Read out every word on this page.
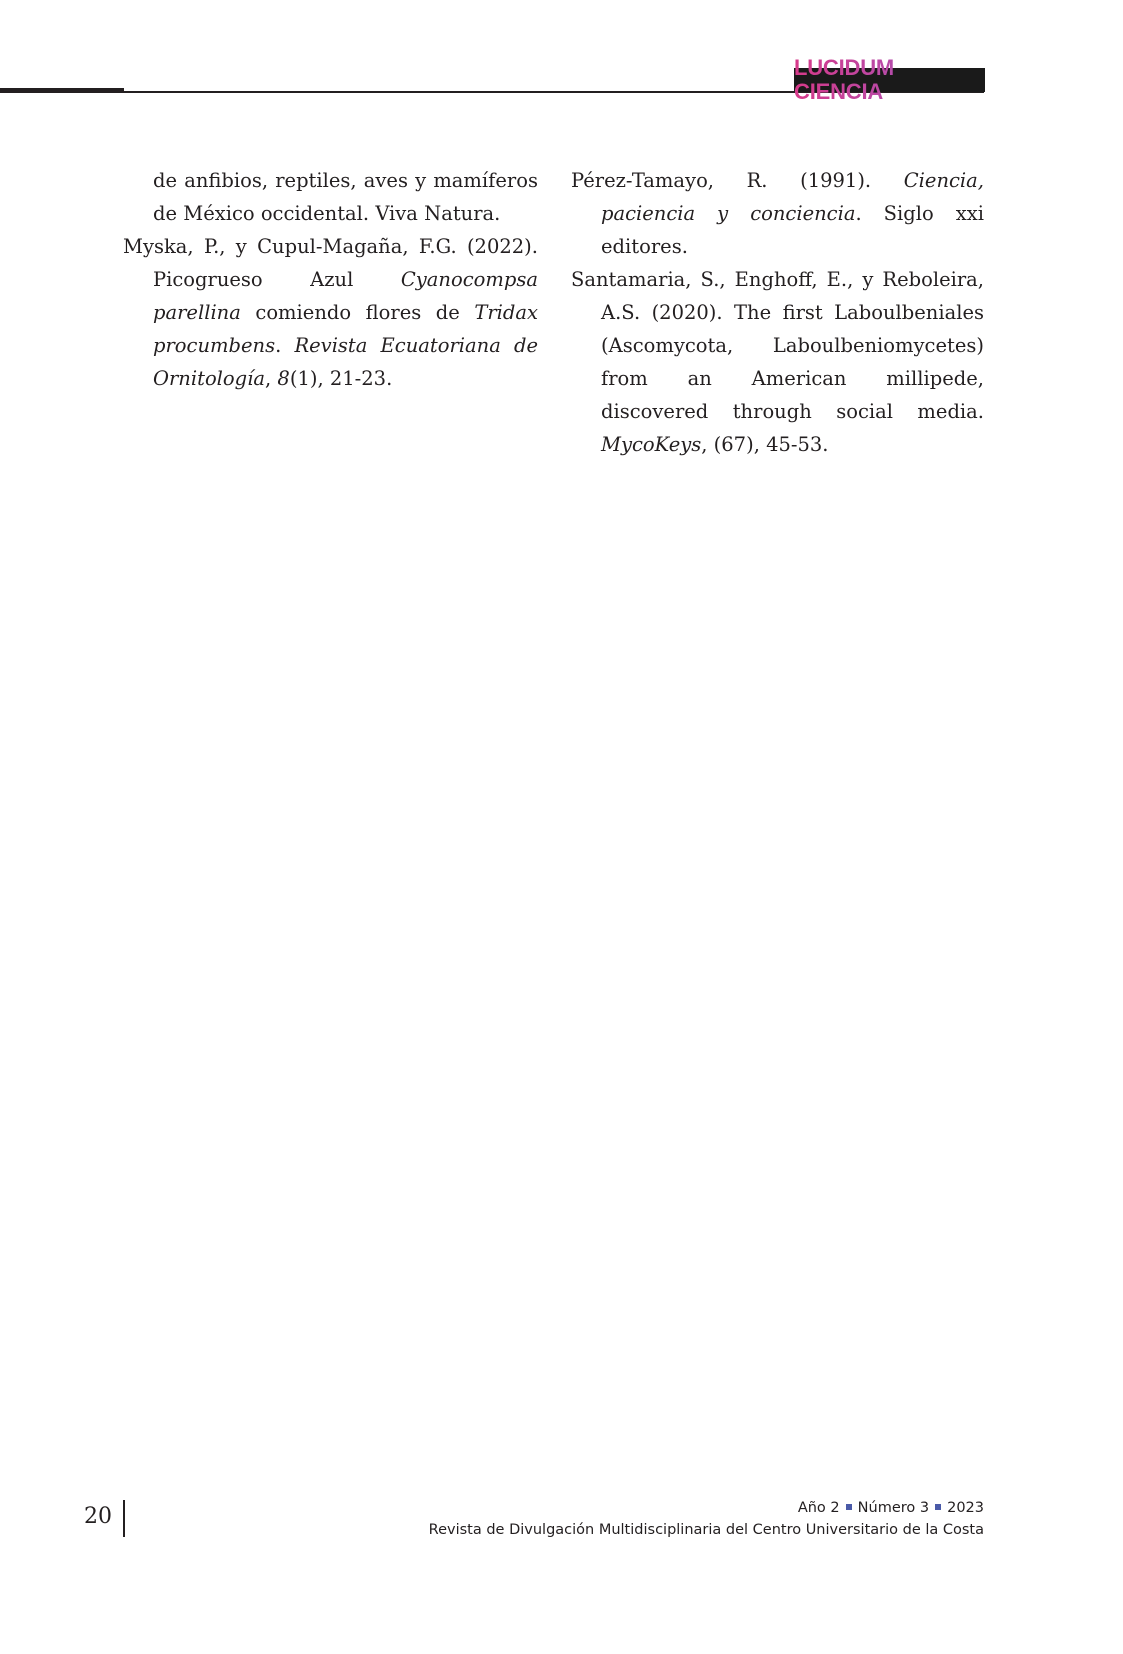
LUCIDUM CIENCIA

de anfibios, reptiles, aves y mamíferos de México occidental. Viva Natura.

Myska, P., y Cupul-Magaña, F.G. (2022). Picogrueso Azul Cyanocompsa parellina comiendo flores de Tridax procumbens. Revista Ecuatoriana de Ornitología, 8(1), 21-23.

Pérez-Tamayo, R. (1991). Ciencia, paciencia y conciencia. Siglo xxi editores.

Santamaria, S., Enghoff, E., y Reboleira, A.S. (2020). The first Laboulbeniales (Ascomycota, Laboulbeniomycetes) from an American millipede, discovered through social media. MycoKeys, (67), 45-53.

20	Año 2 Número 3 2023
Revista de Divulgación Multidisciplinaria del Centro Universitario de la Costa
